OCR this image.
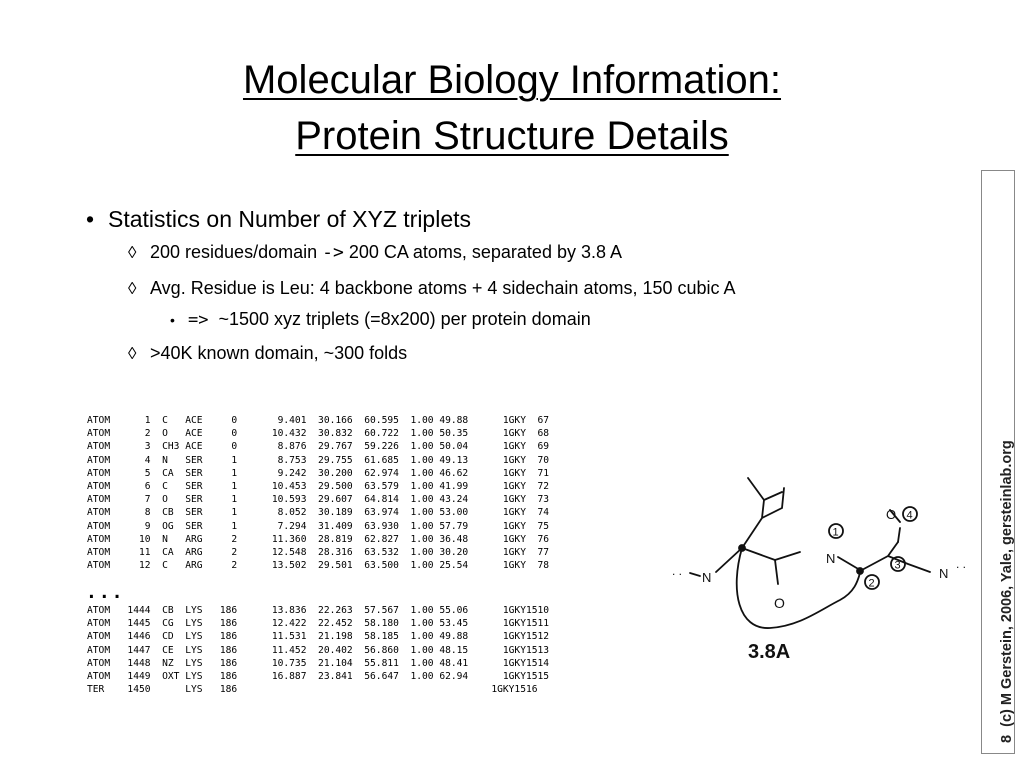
Molecular Biology Information:
Protein Structure Details
• Statistics on Number of XYZ triplets
◊ 200 residues/domain -> 200 CA atoms, separated by 3.8 A
◊ Avg. Residue is Leu: 4 backbone atoms + 4 sidechain atoms, 150 cubic A
• => ~1500 xyz triplets (=8x200) per protein domain
◊ >40K known domain, ~300 folds
ATOM      1  C   ACE     0       9.401  30.166  60.595  1.00 49.88      1GKY  67
ATOM      2  O   ACE     0      10.432  30.832  60.722  1.00 50.35      1GKY  68
ATOM      3  CH3 ACE     0       8.876  29.767  59.226  1.00 50.04      1GKY  69
ATOM      4  N   SER     1       8.753  29.755  61.685  1.00 49.13      1GKY  70
ATOM      5  CA  SER     1       9.242  30.200  62.974  1.00 46.62      1GKY  71
ATOM      6  C   SER     1      10.453  29.500  63.579  1.00 41.99      1GKY  72
ATOM      7  O   SER     1      10.593  29.607  64.814  1.00 43.24      1GKY  73
ATOM      8  CB  SER     1       8.052  30.189  63.974  1.00 53.00      1GKY  74
ATOM      9  OG  SER     1       7.294  31.409  63.930  1.00 57.79      1GKY  75
ATOM     10  N   ARG     2      11.360  28.819  62.827  1.00 36.48      1GKY  76
ATOM     11  CA  ARG     2      12.548  28.316  63.532  1.00 30.20      1GKY  77
ATOM     12  C   ARG     2      13.502  29.501  63.500  1.00 25.54      1GKY  78
...
ATOM   1444  CB  LYS   186      13.836  22.263  57.567  1.00 55.06      1GKY1510
ATOM   1445  CG  LYS   186      12.422  22.452  58.180  1.00 53.45      1GKY1511
ATOM   1446  CD  LYS   186      11.531  21.198  58.185  1.00 49.88      1GKY1512
ATOM   1447  CE  LYS   186      11.452  20.402  56.860  1.00 48.15      1GKY1513
ATOM   1448  NZ  LYS   186      10.735  21.104  55.811  1.00 48.41      1GKY1514
ATOM   1449  OXT LYS   186      16.887  23.841  56.647  1.00 62.94      1GKY1515
TER    1450      LYS   186                                            1GKY1516
. . N
O
N
N
. .
1
2
3
4
O
3.8A
8  (c) M Gerstein, 2006, Yale, gersteinlab.org
